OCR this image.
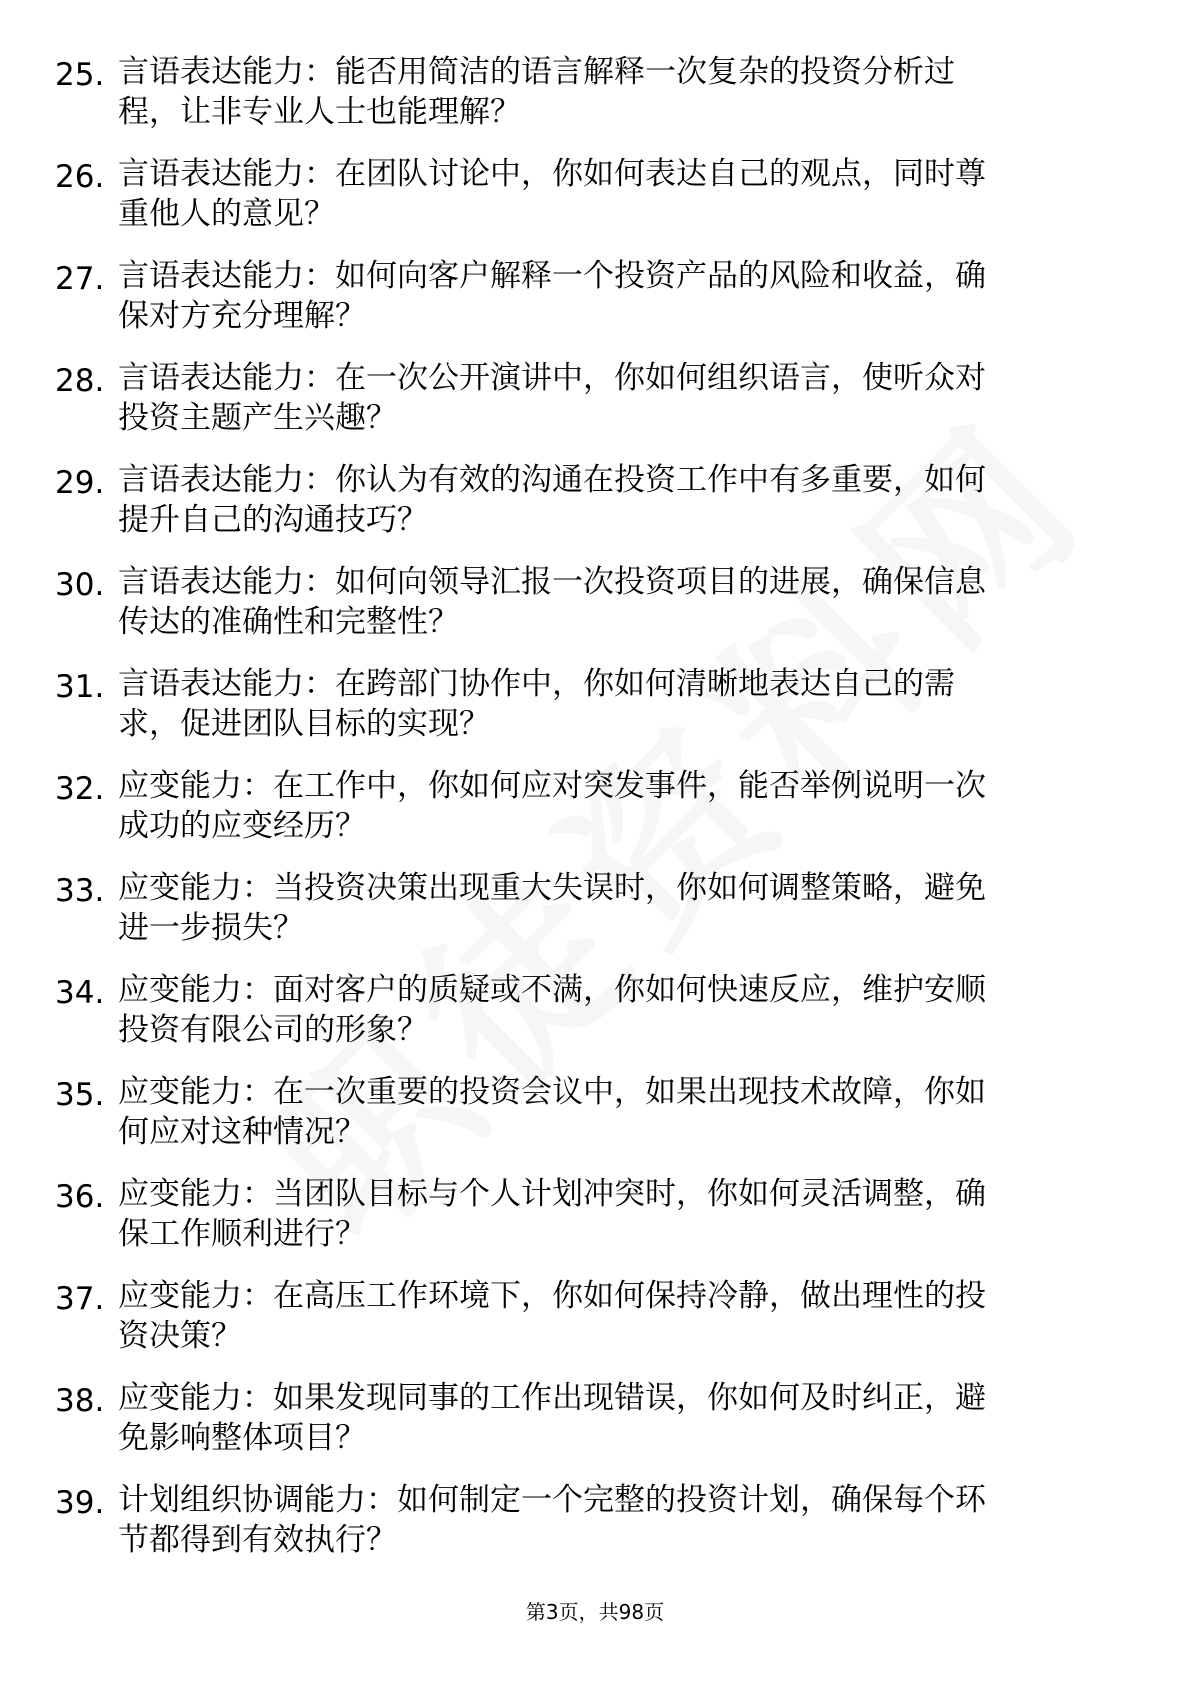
25. 言语表达能力：能否用简洁的语言解释一次复杂的投资分析过
程，让非专业人士也能理解？
26. 言语表达能力：在团队讨论中，你如何表达自己的观点，同时尊
重他人的意见？
27. 言语表达能力：如何向客户解释一个投资产品的风险和收益，确
保对方充分理解？
28. 言语表达能力：在一次公开演讲中，你如何组织语言，使听众对
投资主题产生兴趣？
29. 言语表达能力：你认为有效的沟通在投资工作中有多重要，如何
提升自己的沟通技巧？
30. 言语表达能力：如何向领导汇报一次投资项目的进展，确保信息
传达的准确性和完整性？
31. 言语表达能力：在跨部门协作中，你如何清晰地表达自己的需
求，促进团队目标的实现？
32. 应变能力：在工作中，你如何应对突发事件，能否举例说明一次
成功的应变经历？
33. 应变能力：当投资决策出现重大失误时，你如何调整策略，避免
进一步损失？
34. 应变能力：面对客户的质疑或不满，你如何快速反应，维护安顺
投资有限公司的形象？
35. 应变能力：在一次重要的投资会议中，如果出现技术故障，你如
何应对这种情况？
36. 应变能力：当团队目标与个人计划冲突时，你如何灵活调整，确
保工作顺利进行？
37. 应变能力：在高压工作环境下，你如何保持冷静，做出理性的投
资决策？
38. 应变能力：如果发现同事的工作出现错误，你如何及时纠正，避
免影响整体项目？
39. 计划组织协调能力：如何制定一个完整的投资计划，确保每个环
节都得到有效执行？
第3页，共98页
